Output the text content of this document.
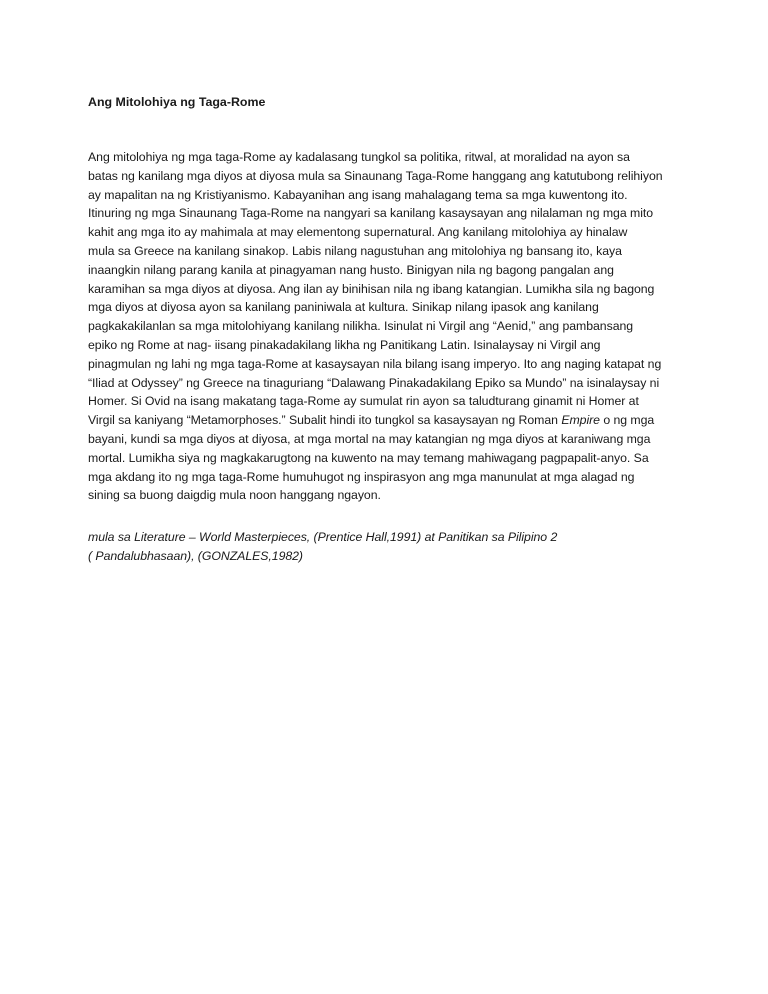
Ang Mitolohiya ng Taga-Rome
Ang mitolohiya ng mga taga-Rome ay kadalasang tungkol sa politika, ritwal, at moralidad na ayon sa
batas ng kanilang mga diyos at diyosa mula sa Sinaunang Taga-Rome hanggang ang katutubong relihiyon
ay mapalitan na ng Kristiyanismo. Kabayanihan ang isang mahalagang tema sa mga kuwentong ito.
Itinuring ng mga Sinaunang Taga-Rome na nangyari sa kanilang kasaysayan ang nilalaman ng mga mito
kahit ang mga ito ay mahimala at may elementong supernatural. Ang kanilang mitolohiya ay hinalaw
mula sa Greece na kanilang sinakop. Labis nilang nagustuhan ang mitolohiya ng bansang ito, kaya
inaangkin nilang parang kanila at pinagyaman nang husto. Binigyan nila ng bagong pangalan ang
karamihan sa mga diyos at diyosa. Ang ilan ay binihisan nila ng ibang katangian. Lumikha sila ng bagong
mga diyos at diyosa ayon sa kanilang paniniwala at kultura. Sinikap nilang ipasok ang kanilang
pagkakakilanlan sa mga mitolohiyang kanilang nilikha. Isinulat ni Virgil ang “Aenid,” ang pambansang
epiko ng Rome at nag- iisang pinakadakilang likha ng Panitikang Latin. Isinalaysay ni Virgil ang
pinagmulan ng lahi ng mga taga-Rome at kasaysayan nila bilang isang imperyo. Ito ang naging katapat ng
“Iliad at Odyssey” ng Greece na tinaguriang “Dalawang Pinakadakilang Epiko sa Mundo” na isinalaysay ni
Homer. Si Ovid na isang makatang taga-Rome ay sumulat rin ayon sa taludturang ginamit ni Homer at
Virgil sa kaniyang “Metamorphoses.” Subalit hindi ito tungkol sa kasaysayan ng Roman Empire o ng mga
bayani, kundi sa mga diyos at diyosa, at mga mortal na may katangian ng mga diyos at karaniwang mga
mortal. Lumikha siya ng magkakarugtong na kuwento na may temang mahiwagang pagpapalit-anyo. Sa
mga akdang ito ng mga taga-Rome humuhugot ng inspirasyon ang mga manunulat at mga alagad ng
sining sa buong daigdig mula noon hanggang ngayon.
mula sa Literature – World Masterpieces, (Prentice Hall,1991) at Panitikan sa Pilipino 2
( Pandalubhasaan), (GONZALES,1982)
